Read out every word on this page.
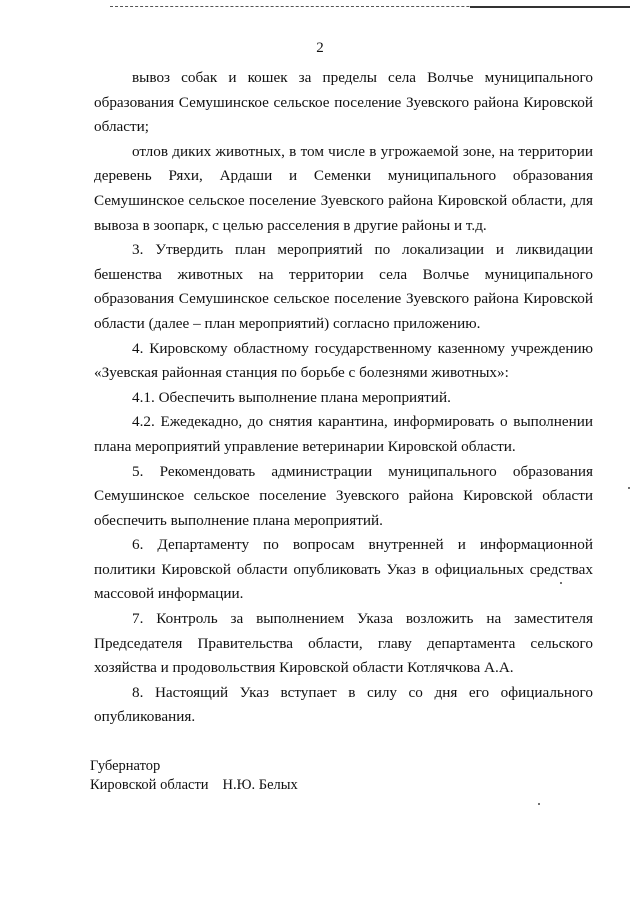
2

вывоз собак и кошек за пределы села Волчье муниципального образования Семушинское сельское поселение Зуевского района Кировской области;

отлов диких животных, в том числе в угрожаемой зоне, на территории деревень Ряхи, Ардаши и Семенки муниципального образования Семушинское сельское поселение Зуевского района Кировской области, для вывоза в зоопарк, с целью расселения в другие районы и т.д.

3. Утвердить план мероприятий по локализации и ликвидации бешенства животных на территории села Волчье муниципального образования Семушинское сельское поселение Зуевского района Кировской области (далее – план мероприятий) согласно приложению.

4. Кировскому областному государственному казенному учреждению «Зуевская районная станция по борьбе с болезнями животных»:

4.1. Обеспечить выполнение плана мероприятий.

4.2. Ежедекадно, до снятия карантина, информировать о выполнении плана мероприятий управление ветеринарии Кировской области.

5. Рекомендовать администрации муниципального образования Семушинское сельское поселение Зуевского района Кировской области обеспечить выполнение плана мероприятий.

6. Департаменту по вопросам внутренней и информационной политики Кировской области опубликовать Указ в официальных средствах массовой информации.

7. Контроль за выполнением Указа возложить на заместителя Председателя Правительства области, главу департамента сельского хозяйства и продовольствия Кировской области Котлячкова А.А.

8. Настоящий Указ вступает в силу со дня его официального опубликования.

Губернатор
Кировской области Н.Ю. Белых
